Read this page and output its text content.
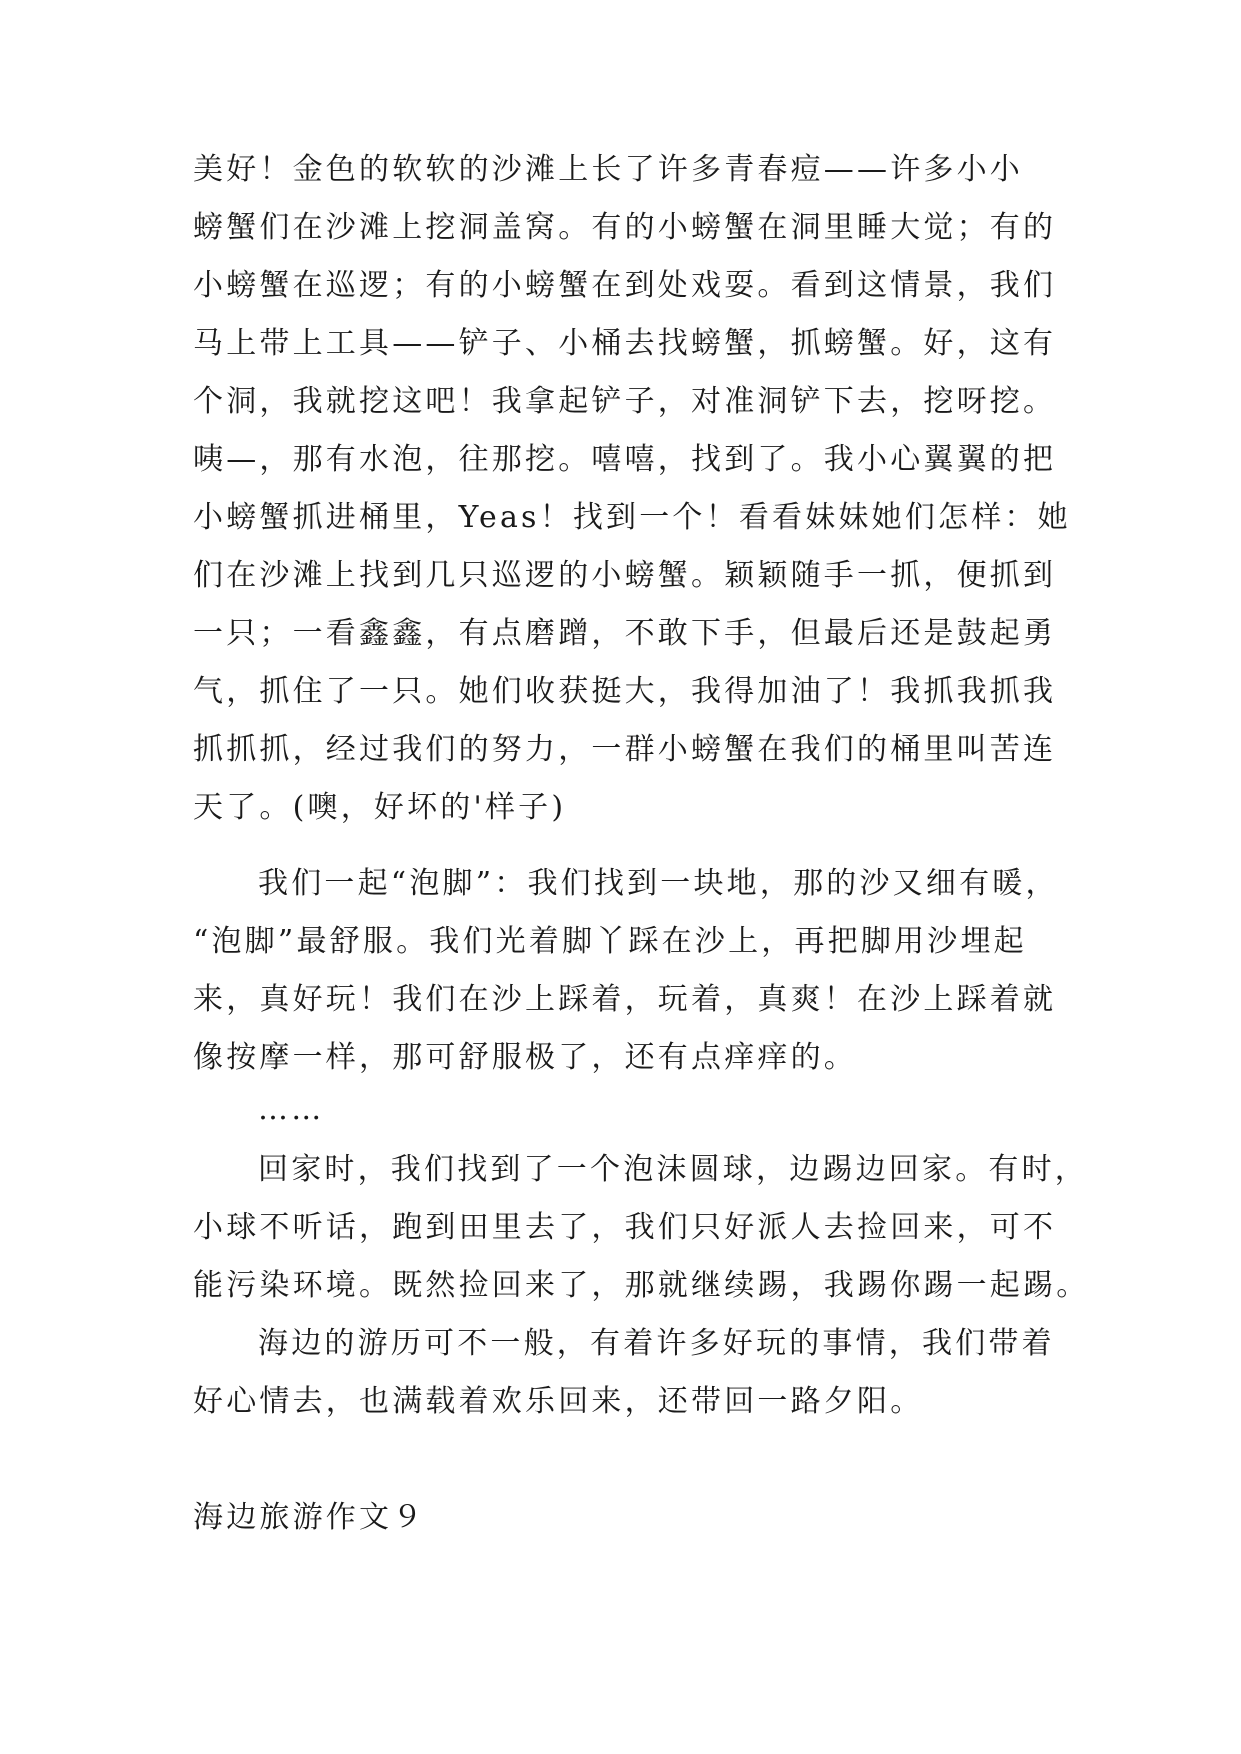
美好！金色的软软的沙滩上长了许多青春痘——许多小小
螃蟹们在沙滩上挖洞盖窝。有的小螃蟹在洞里睡大觉；有的
小螃蟹在巡逻；有的小螃蟹在到处戏耍。看到这情景，我们
马上带上工具——铲子、小桶去找螃蟹，抓螃蟹。好，这有
个洞，我就挖这吧！我拿起铲子，对准洞铲下去，挖呀挖。
咦—，那有水泡，往那挖。嘻嘻，找到了。我小心翼翼的把
小螃蟹抓进桶里，Yeas！找到一个！看看妹妹她们怎样：她
们在沙滩上找到几只巡逻的小螃蟹。颖颖随手一抓，便抓到
一只；一看鑫鑫，有点磨蹭，不敢下手，但最后还是鼓起勇
气，抓住了一只。她们收获挺大，我得加油了！我抓我抓我
抓抓抓，经过我们的努力，一群小螃蟹在我们的桶里叫苦连
天了。(噢，好坏的'样子)
我们一起“泡脚”：我们找到一块地，那的沙又细有暖，
“泡脚”最舒服。我们光着脚丫踩在沙上，再把脚用沙埋起
来，真好玩！我们在沙上踩着，玩着，真爽！在沙上踩着就
像按摩一样，那可舒服极了，还有点痒痒的。
……
回家时，我们找到了一个泡沫圆球，边踢边回家。有时，
小球不听话，跑到田里去了，我们只好派人去捡回来，可不
能污染环境。既然捡回来了，那就继续踢，我踢你踢一起踢。
海边的游历可不一般，有着许多好玩的事情，我们带着
好心情去，也满载着欢乐回来，还带回一路夕阳。
海边旅游作文９
